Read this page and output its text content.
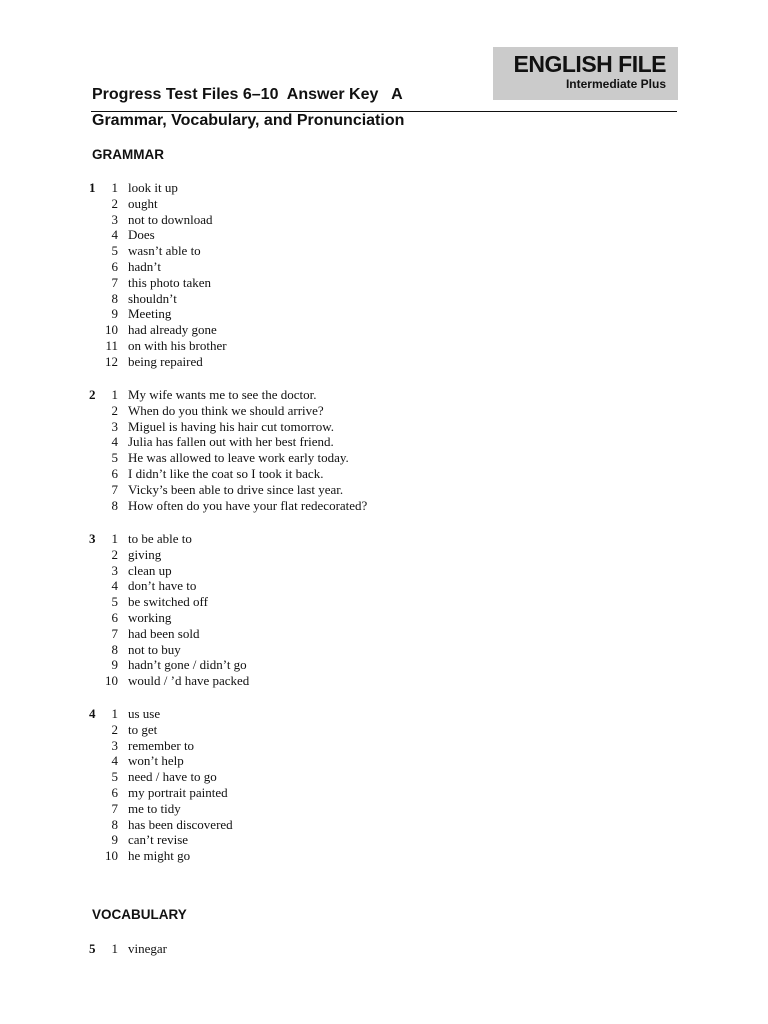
ENGLISH FILE
Intermediate Plus
Progress Test Files 6–10  Answer Key   A
Grammar, Vocabulary, and Pronunciation
GRAMMAR
1	1 look it up
2 ought
3 not to download
4 Does
5 wasn’t able to
6 hadn’t
7 this photo taken
8 shouldn’t
9 Meeting
10 had already gone
11 on with his brother
12 being repaired
2	1 My wife wants me to see the doctor.
2 When do you think we should arrive?
3 Miguel is having his hair cut tomorrow.
4 Julia has fallen out with her best friend.
5 He was allowed to leave work early today.
6 I didn’t like the coat so I took it back.
7 Vicky’s been able to drive since last year.
8 How often do you have your flat redecorated?
3	1 to be able to
2 giving
3 clean up
4 don’t have to
5 be switched off
6 working
7 had been sold
8 not to buy
9 hadn’t gone / didn’t go
10 would / ’d have packed
4	1 us use
2 to get
3 remember to
4 won’t help
5 need / have to go
6 my portrait painted
7 me to tidy
8 has been discovered
9 can’t revise
10 he might go
VOCABULARY
5	1 vinegar
